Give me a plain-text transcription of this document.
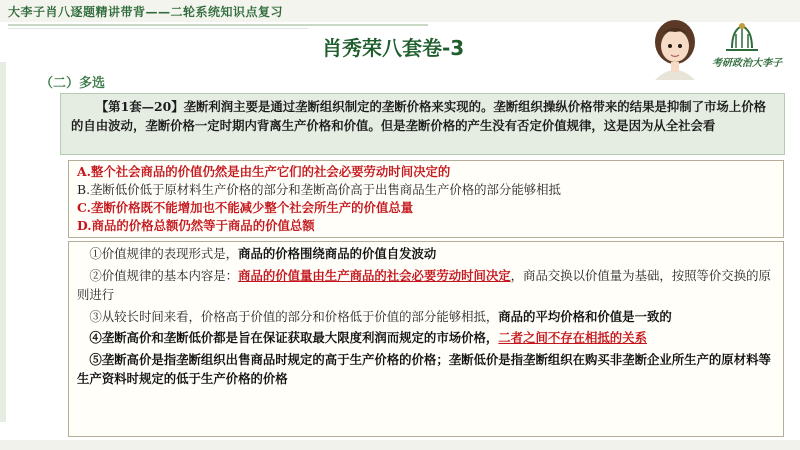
大李子肖八逐题精讲带背——二轮系统知识点复习
肖秀荣八套卷-3
考研政治大李子
（二）多选
【第1套—20】垄断利润主要是通过垄断组织制定的垄断价格来实现的。垄断组织操纵价格带来的结果是抑制了市场上价格的自由波动，垄断价格一定时期内背离生产价格和价值。但是垄断价格的产生没有否定价值规律，这是因为从全社会看
A.整个社会商品的价值仍然是由生产它们的社会必要劳动时间决定的
B.垄断低价低于原材料生产价格的部分和垄断高价高于出售商品生产价格的部分能够相抵
C.垄断价格既不能增加也不能减少整个社会所生产的价值总量
D.商品的价格总额仍然等于商品的价值总额

①价值规律的表现形式是，商品的价格围绕商品的价值自发波动

②价值规律的基本内容是：商品的价值量由生产商品的社会必要劳动时间决定，商品交换以价值量为基础，按照等价交换的原则进行

③从较长时间来看，价格高于价值的部分和价格低于价值的部分能够相抵，商品的平均价格和价值是一致的

④垄断高价和垄断低价都是旨在保证获取最大限度利润而规定的市场价格，二者之间不存在相抵的关系

⑤垄断高价是指垄断组织出售商品时规定的高于生产价格的价格；垄断低价是指垄断组织在购买非垄断企业所生产的原材料等生产资料时规定的低于生产价格的价格
